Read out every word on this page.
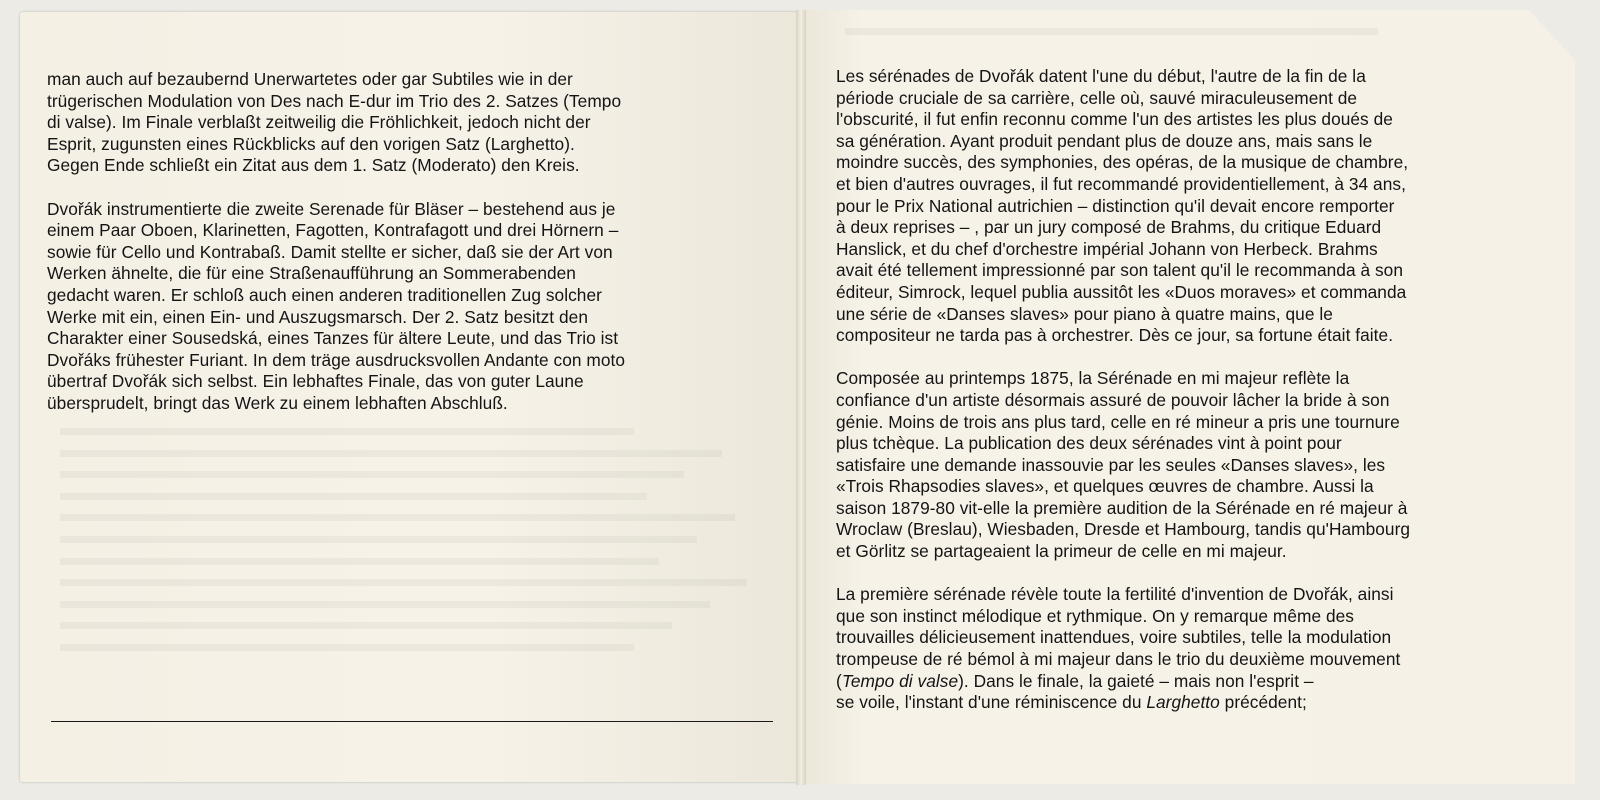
man auch auf bezaubernd Unerwartetes oder gar Subtiles wie in der
trügerischen Modulation von Des nach E-dur im Trio des 2. Satzes (Tempo
di valse). Im Finale verblaßt zeitweilig die Fröhlichkeit, jedoch nicht der
Esprit, zugunsten eines Rückblicks auf den vorigen Satz (Larghetto).
Gegen Ende schließt ein Zitat aus dem 1. Satz (Moderato) den Kreis.

Dvořák instrumentierte die zweite Serenade für Bläser – bestehend aus je
einem Paar Oboen, Klarinetten, Fagotten, Kontrafagott und drei Hörnern –
sowie für Cello und Kontrabaß. Damit stellte er sicher, daß sie der Art von
Werken ähnelte, die für eine Straßenaufführung an Sommerabenden
gedacht waren. Er schloß auch einen anderen traditionellen Zug solcher
Werke mit ein, einen Ein- und Auszugsmarsch. Der 2. Satz besitzt den
Charakter einer Sousedská, eines Tanzes für ältere Leute, und das Trio ist
Dvořáks frühester Furiant. In dem träge ausdrucksvollen Andante con moto
übertraf Dvořák sich selbst. Ein lebhaftes Finale, das von guter Laune
übersprudelt, bringt das Werk zu einem lebhaften Abschluß.

Les sérénades de Dvořák datent l'une du début, l'autre de la fin de la
période cruciale de sa carrière, celle où, sauvé miraculeusement de
l'obscurité, il fut enfin reconnu comme l'un des artistes les plus doués de
sa génération. Ayant produit pendant plus de douze ans, mais sans le
moindre succès, des symphonies, des opéras, de la musique de chambre,
et bien d'autres ouvrages, il fut recommandé providentiellement, à 34 ans,
pour le Prix National autrichien – distinction qu'il devait encore remporter
à deux reprises – , par un jury composé de Brahms, du critique Eduard
Hanslick, et du chef d'orchestre impérial Johann von Herbeck. Brahms
avait été tellement impressionné par son talent qu'il le recommanda à son
éditeur, Simrock, lequel publia aussitôt les «Duos moraves» et commanda
une série de «Danses slaves» pour piano à quatre mains, que le
compositeur ne tarda pas à orchestrer. Dès ce jour, sa fortune était faite.

Composée au printemps 1875, la Sérénade en mi majeur reflète la
confiance d'un artiste désormais assuré de pouvoir lâcher la bride à son
génie. Moins de trois ans plus tard, celle en ré mineur a pris une tournure
plus tchèque. La publication des deux sérénades vint à point pour
satisfaire une demande inassouvie par les seules «Danses slaves», les
«Trois Rhapsodies slaves», et quelques œuvres de chambre. Aussi la
saison 1879-80 vit-elle la première audition de la Sérénade en ré majeur à
Wroclaw (Breslau), Wiesbaden, Dresde et Hambourg, tandis qu'Hambourg
et Görlitz se partageaient la primeur de celle en mi majeur.

La première sérénade révèle toute la fertilité d'invention de Dvořák, ainsi
que son instinct mélodique et rythmique. On y remarque même des
trouvailles délicieusement inattendues, voire subtiles, telle la modulation
trompeuse de ré bémol à mi majeur dans le trio du deuxième mouvement
(Tempo di valse). Dans le finale, la gaieté – mais non l'esprit –
se voile, l'instant d'une réminiscence du Larghetto précédent;
